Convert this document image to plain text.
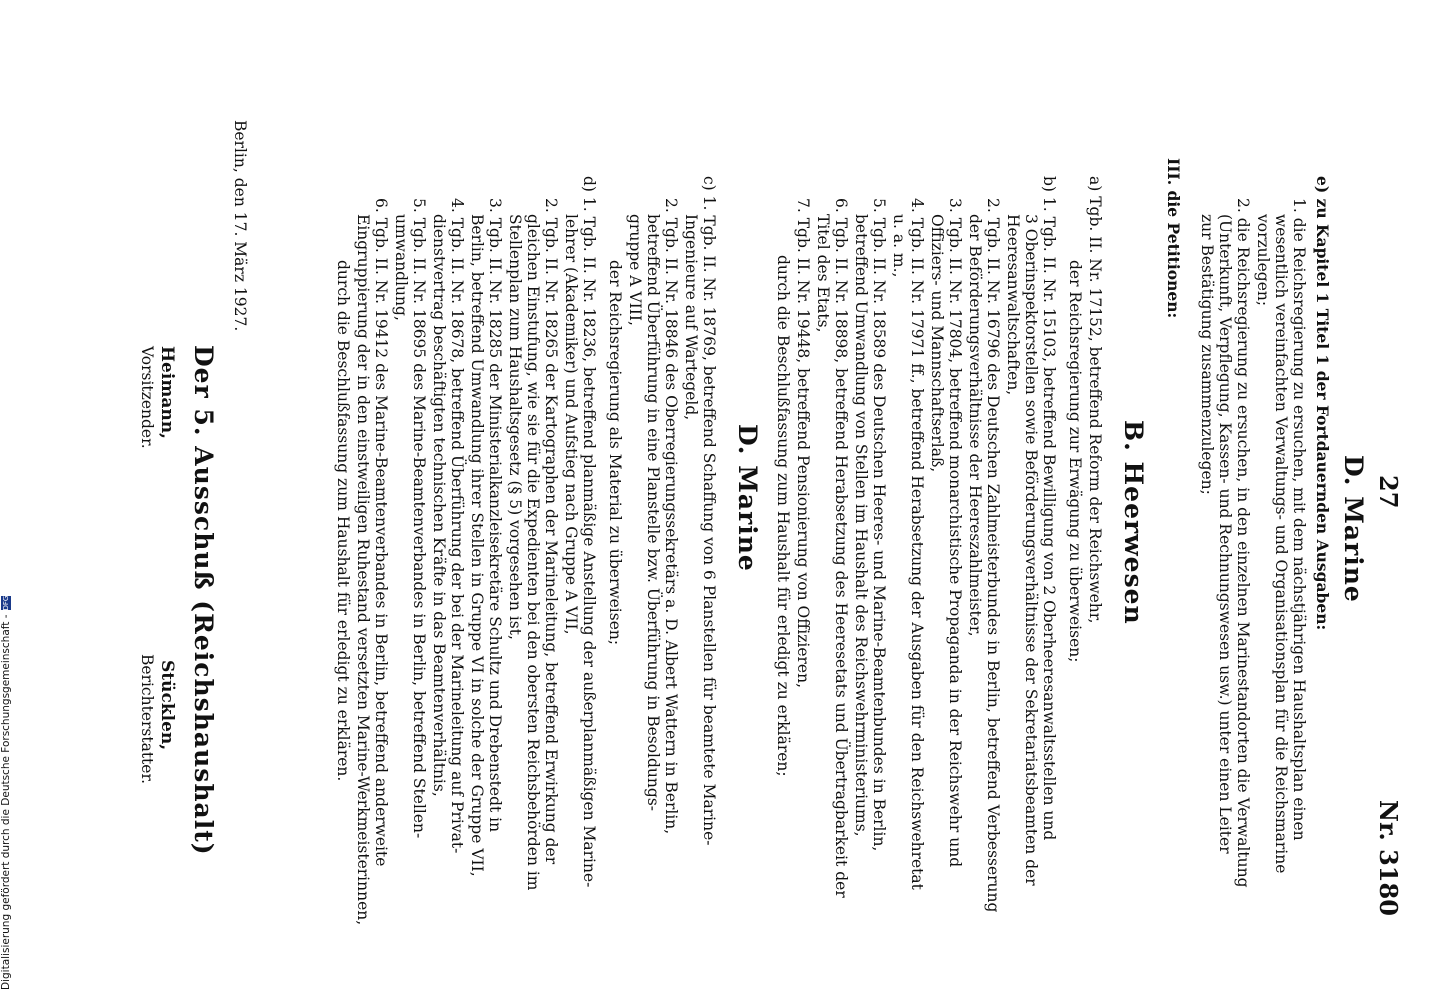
27
Nr. 3180
D. Marine
e) zu Kapitel 1 Titel 1 der Fortdauernden Ausgaben:
1. die Reichsregierung zu ersuchen, mit dem nächstjährigen Haushaltsplan einen
wesentlich vereinfachten Verwaltungs- und Organisationsplan für die Reichsmarine
vorzulegen;
2. die Reichsregierung zu ersuchen, in den einzelnen Marinestandorten die Verwaltung
(Unterkunft, Verpflegung, Kassen- und Rechnungswesen usw.) unter einen Leiter
zur Bestätigung zusammenzulegen;
III. die Petitionen:
B. Heerwesen
a) Tgb. II. Nr. 17152, betreffend Reform der Reichswehr,
der Reichsregierung zur Erwägung zu überweisen;
b) 1. Tgb. II. Nr. 15103, betreffend Bewilligung von 2 Oberheeresanwaltsstellen und
3 Oberinspektorstellen sowie Beförderungsverhältnisse der Sekretariatsbeamten der
Heeresanwaltschaften,
2. Tgb. II. Nr. 16796 des Deutschen Zahlmeisterbundes in Berlin, betreffend Verbesserung
der Beförderungsverhältnisse der Heereszahlmeister,
3. Tgb. II. Nr. 17804, betreffend monarchistische Propaganda in der Reichswehr und
Offiziers- und Mannschaftserlaß,
4. Tgb. II. Nr. 17971 ff., betreffend Herabsetzung der Ausgaben für den Reichswehretat
u. a. m.,
5. Tgb. II. Nr. 18589 des Deutschen Heeres- und Marine-Beamtenbundes in Berlin,
betreffend Umwandlung von Stellen im Haushalt des Reichswehrministeriums,
6. Tgb. II. Nr. 18898, betreffend Herabsetzung des Heeresetats und Übertragbarkeit der
Titel des Etats,
7. Tgb. II. Nr. 19448, betreffend Pensionierung von Offizieren,
durch die Beschlußfassung zum Haushalt für erledigt zu erklären;
D. Marine
c) 1. Tgb. II. Nr. 18769, betreffend Schaffung von 6 Planstellen für beamtete Marine-
Ingenieure auf Wartegeld,
2. Tgb. II. Nr. 18846 des Oberregierungssekretärs a. D. Albert Wattern in Berlin,
betreffend Überführung in eine Planstelle bzw. Überführung in Besoldungs-
gruppe A VIII,
der Reichsregierung als Material zu überweisen;
d) 1. Tgb. II. Nr. 18236, betreffend planmäßige Anstellung der außerplanmäßigen Marine-
lehrer (Akademiker) und Aufstieg nach Gruppe A VII,
2. Tgb. II. Nr. 18265 der Kartographen der Marineleitung, betreffend Erwirkung der
gleichen Einstufung, wie sie für die Expedienten bei den obersten Reichsbehörden im
Stellenplan zum Haushaltsgesetz (§ 5) vorgesehen ist,
3. Tgb. II. Nr. 18285 der Ministerialkanzleisekretäre Schultz und Drebenstedt in
Berlin, betreffend Umwandlung ihrer Stellen in Gruppe VI in solche der Gruppe VII,
4. Tgb. II. Nr. 18678, betreffend Überführung der bei der Marineleitung auf Privat-
dienstvertrag beschäftigten technischen Kräfte in das Beamtenverhältnis,
5. Tgb. II. Nr. 18695 des Marine-Beamtenverbandes in Berlin, betreffend Stellen-
umwandlung,
6. Tgb. II. Nr. 19412 des Marine-Beamtenverbandes in Berlin, betreffend anderweite
Eingruppierung der in den einstweiligen Ruhestand versetzten Marine-Werkmeisterinnen,
durch die Beschlußfassung zum Haushalt für erledigt zu erklären.
Berlin, den 17. März 1927.
Der 5. Ausschuß (Reichshaushalt)
Heimann,
Vorsitzender.
Stücklen,
Berichterstatter.
Digitalisierung gefördert durch die Deutsche Forschungsgemeinschaft -DFG
